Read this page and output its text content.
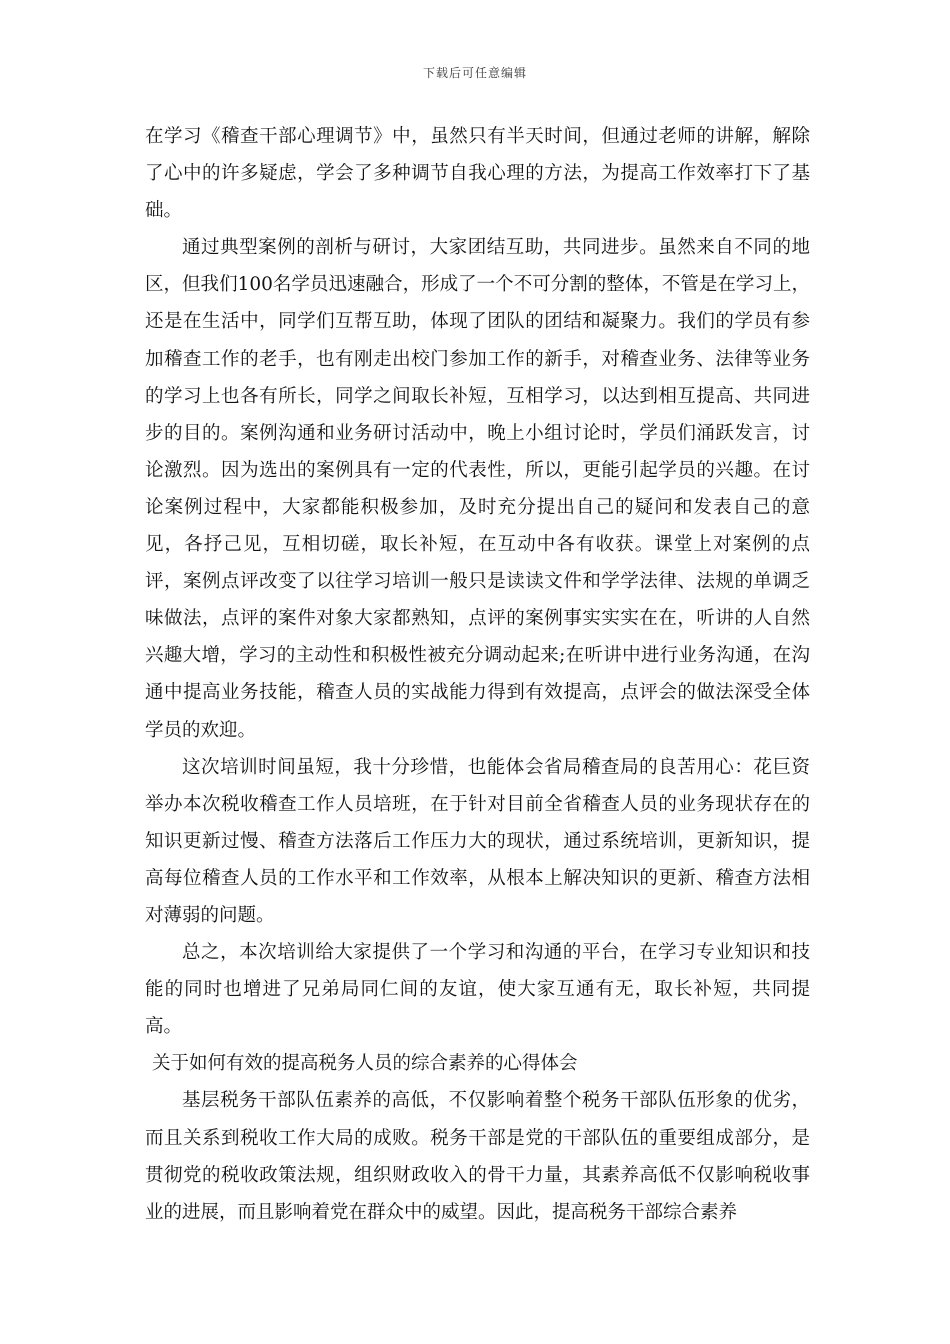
下载后可任意编辑

在学习《稽查干部心理调节》中，虽然只有半天时间，但通过老师的讲解，解除了心中的许多疑虑，学会了多种调节自我心理的方法，为提高工作效率打下了基础。

通过典型案例的剖析与研讨，大家团结互助，共同进步。虽然来自不同的地区，但我们100名学员迅速融合，形成了一个不可分割的整体，不管是在学习上，还是在生活中，同学们互帮互助，体现了团队的团结和凝聚力。我们的学员有参加稽查工作的老手，也有刚走出校门参加工作的新手，对稽查业务、法律等业务的学习上也各有所长，同学之间取长补短，互相学习，以达到相互提高、共同进步的目的。案例沟通和业务研讨活动中，晚上小组讨论时，学员们涌跃发言，讨论激烈。因为选出的案例具有一定的代表性，所以，更能引起学员的兴趣。在讨论案例过程中，大家都能积极参加，及时充分提出自己的疑问和发表自己的意见，各抒己见，互相切磋，取长补短，在互动中各有收获。课堂上对案例的点评，案例点评改变了以往学习培训一般只是读读文件和学学法律、法规的单调乏味做法，点评的案件对象大家都熟知，点评的案例事实实实在在，听讲的人自然兴趣大增，学习的主动性和积极性被充分调动起来;在听讲中进行业务沟通，在沟通中提高业务技能，稽查人员的实战能力得到有效提高，点评会的做法深受全体学员的欢迎。

这次培训时间虽短，我十分珍惜，也能体会省局稽查局的良苦用心：花巨资举办本次税收稽查工作人员培班，在于针对目前全省稽查人员的业务现状存在的知识更新过慢、稽查方法落后工作压力大的现状，通过系统培训，更新知识，提高每位稽查人员的工作水平和工作效率，从根本上解决知识的更新、稽查方法相对薄弱的问题。

总之，本次培训给大家提供了一个学习和沟通的平台，在学习专业知识和技能的同时也增进了兄弟局同仁间的友谊，使大家互通有无，取长补短，共同提高。

关于如何有效的提高税务人员的综合素养的心得体会

基层税务干部队伍素养的高低，不仅影响着整个税务干部队伍形象的优劣，而且关系到税收工作大局的成败。税务干部是党的干部队伍的重要组成部分，是贯彻党的税收政策法规，组织财政收入的骨干力量，其素养高低不仅影响税收事业的进展，而且影响着党在群众中的威望。因此，提高税务干部综合素养
